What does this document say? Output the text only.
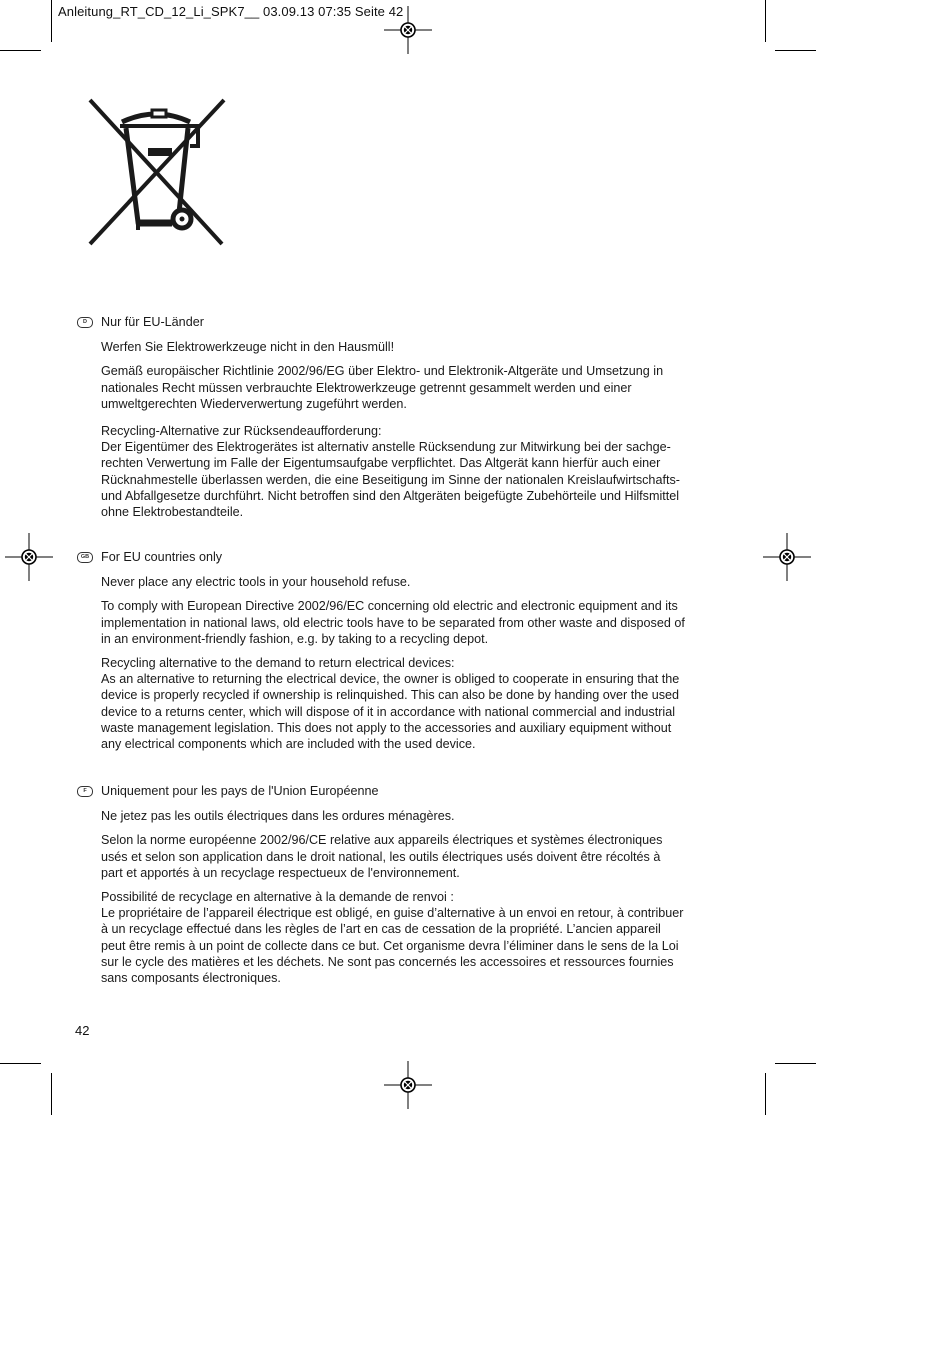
Anleitung_RT_CD_12_Li_SPK7__ 03.09.13 07:35 Seite 42
D	Nur für EU-Länder

Werfen Sie Elektrowerkzeuge nicht in den Hausmüll!

Gemäß europäischer Richtlinie 2002/96/EG über Elektro- und Elektronik-Altgeräte und Umsetzung in
nationales Recht müssen verbrauchte Elektrowerkzeuge getrennt gesammelt werden und einer
umweltgerechten Wiederverwertung zugeführt werden.

Recycling-Alternative zur Rücksendeaufforderung:
Der Eigentümer des Elektrogerätes ist alternativ anstelle Rücksendung zur Mitwirkung bei der sachge-
rechten Verwertung im Falle der Eigentumsaufgabe verpflichtet. Das Altgerät kann hierfür auch einer
Rücknahmestelle überlassen werden, die eine Beseitigung im Sinne der nationalen Kreislaufwirtschafts-
und Abfallgesetze durchführt. Nicht betroffen sind den Altgeräten beigefügte Zubehörteile und Hilfsmittel
ohne Elektrobestandteile.

GB For EU countries only

Never place any electric tools in your household refuse.

To comply with European Directive 2002/96/EC concerning old electric and electronic equipment and its
implementation in national laws, old electric tools have to be separated from other waste and disposed of
in an environment-friendly fashion, e.g. by taking to a recycling depot.

Recycling alternative to the demand to return electrical devices:
As an alternative to returning the electrical device, the owner is obliged to cooperate in ensuring that the
device is properly recycled if ownership is relinquished. This can also be done by handing over the used
device to a returns center, which will dispose of it in accordance with national commercial and industrial
waste management legislation. This does not apply to the accessories and auxiliary equipment without
any electrical components which are included with the used device.

F	Uniquement pour les pays de l'Union Européenne

Ne jetez pas les outils électriques dans les ordures ménagères.

Selon la norme européenne 2002/96/CE relative aux appareils électriques et systèmes électroniques
usés et selon son application dans le droit national, les outils électriques usés doivent être récoltés à
part et apportés à un recyclage respectueux de l'environnement.

Possibilité de recyclage en alternative à la demande de renvoi :
Le propriétaire de l’appareil électrique est obligé, en guise d’alternative à un envoi en retour, à contribuer
à un recyclage effectué dans les règles de l’art en cas de cessation de la propriété. L’ancien appareil
peut être remis à un point de collecte dans ce but. Cet organisme devra l’éliminer dans le sens de la Loi
sur le cycle des matières et les déchets. Ne sont pas concernés les accessoires et ressources fournies
sans composants électroniques.

42
